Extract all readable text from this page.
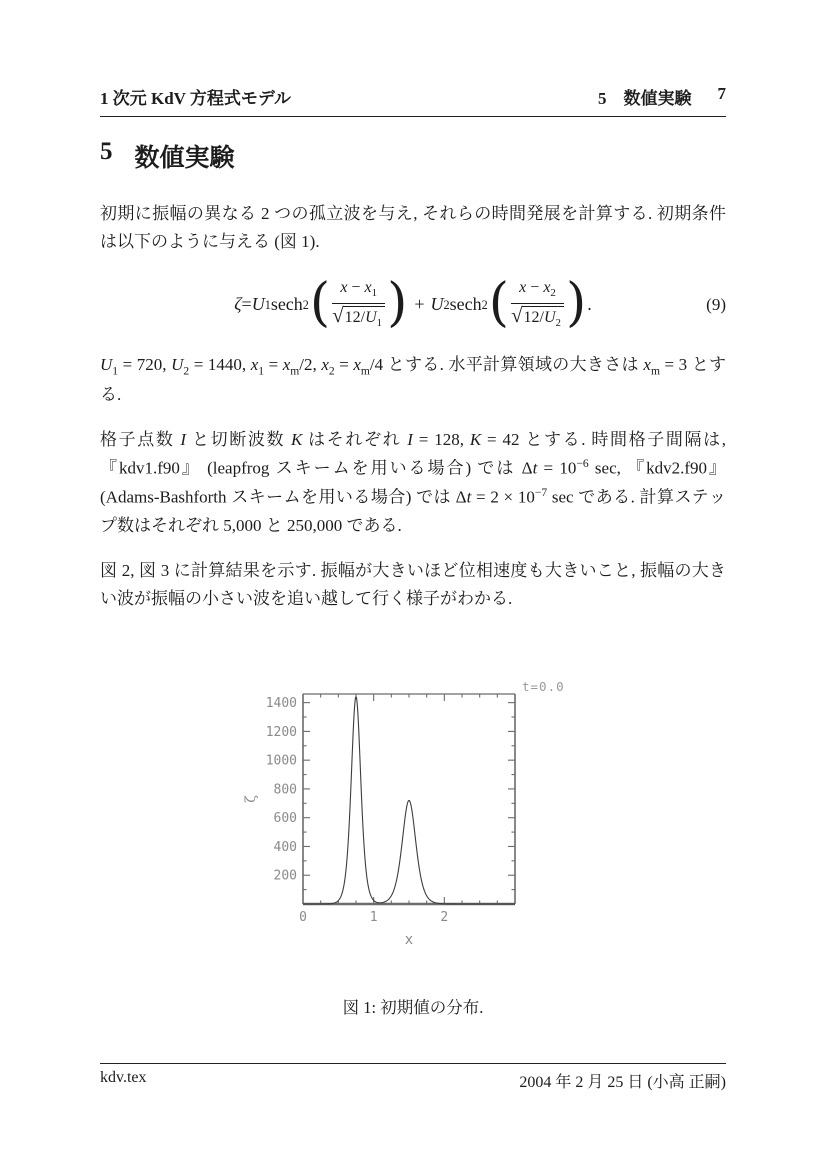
1 次元 KdV 方程式モデル	5　数値実験 7
5 数値実験

初期に振幅の異なる 2 つの孤立波を与え, それらの時間発展を計算する. 初期条件は以下のように与える (図 1).

ζ = U 1 sech 2 ( $\frac{x - x_1}{√ 12/U_1}$ ) + U 2 sech 2 ( $\frac{x - x_2}{√ 12/U_2}$ ) .	(9)

$U_1 = 720$, $U_2 = 1440$, $x_1 = x_m/2$, $x_2 = x_m/4$ とする. 水平計算領域の大きさは $x_m = 3$ とする.

格子点数 I と切断波数 K はそれぞれ I = 128, K = 42 とする. 時間格子間隔は, 『kdv1.f90』 (leapfrog スキームを用いる場合) では $\Delta t = 10^{-6}$ sec, 『kdv2.f90』 (Adams-Bashforth スキームを用いる場合) では $\Delta t = 2 \times 10^{-7}$ sec である. 計算ステップ数はそれぞれ 5,000 と 250,000 である.

図 2, 図 3 に計算結果を示す. 振幅が大きいほど位相速度も大きいこと, 振幅の大きい波が振幅の小さい波を追い越して行く様子がわかる.

0	1	2
200
400
600
800
1000
1200
1400
x
ζ
t=0.0
図 1: 初期値の分布.
kdv.tex	2004 年 2 月 25 日 (小高 正嗣)
